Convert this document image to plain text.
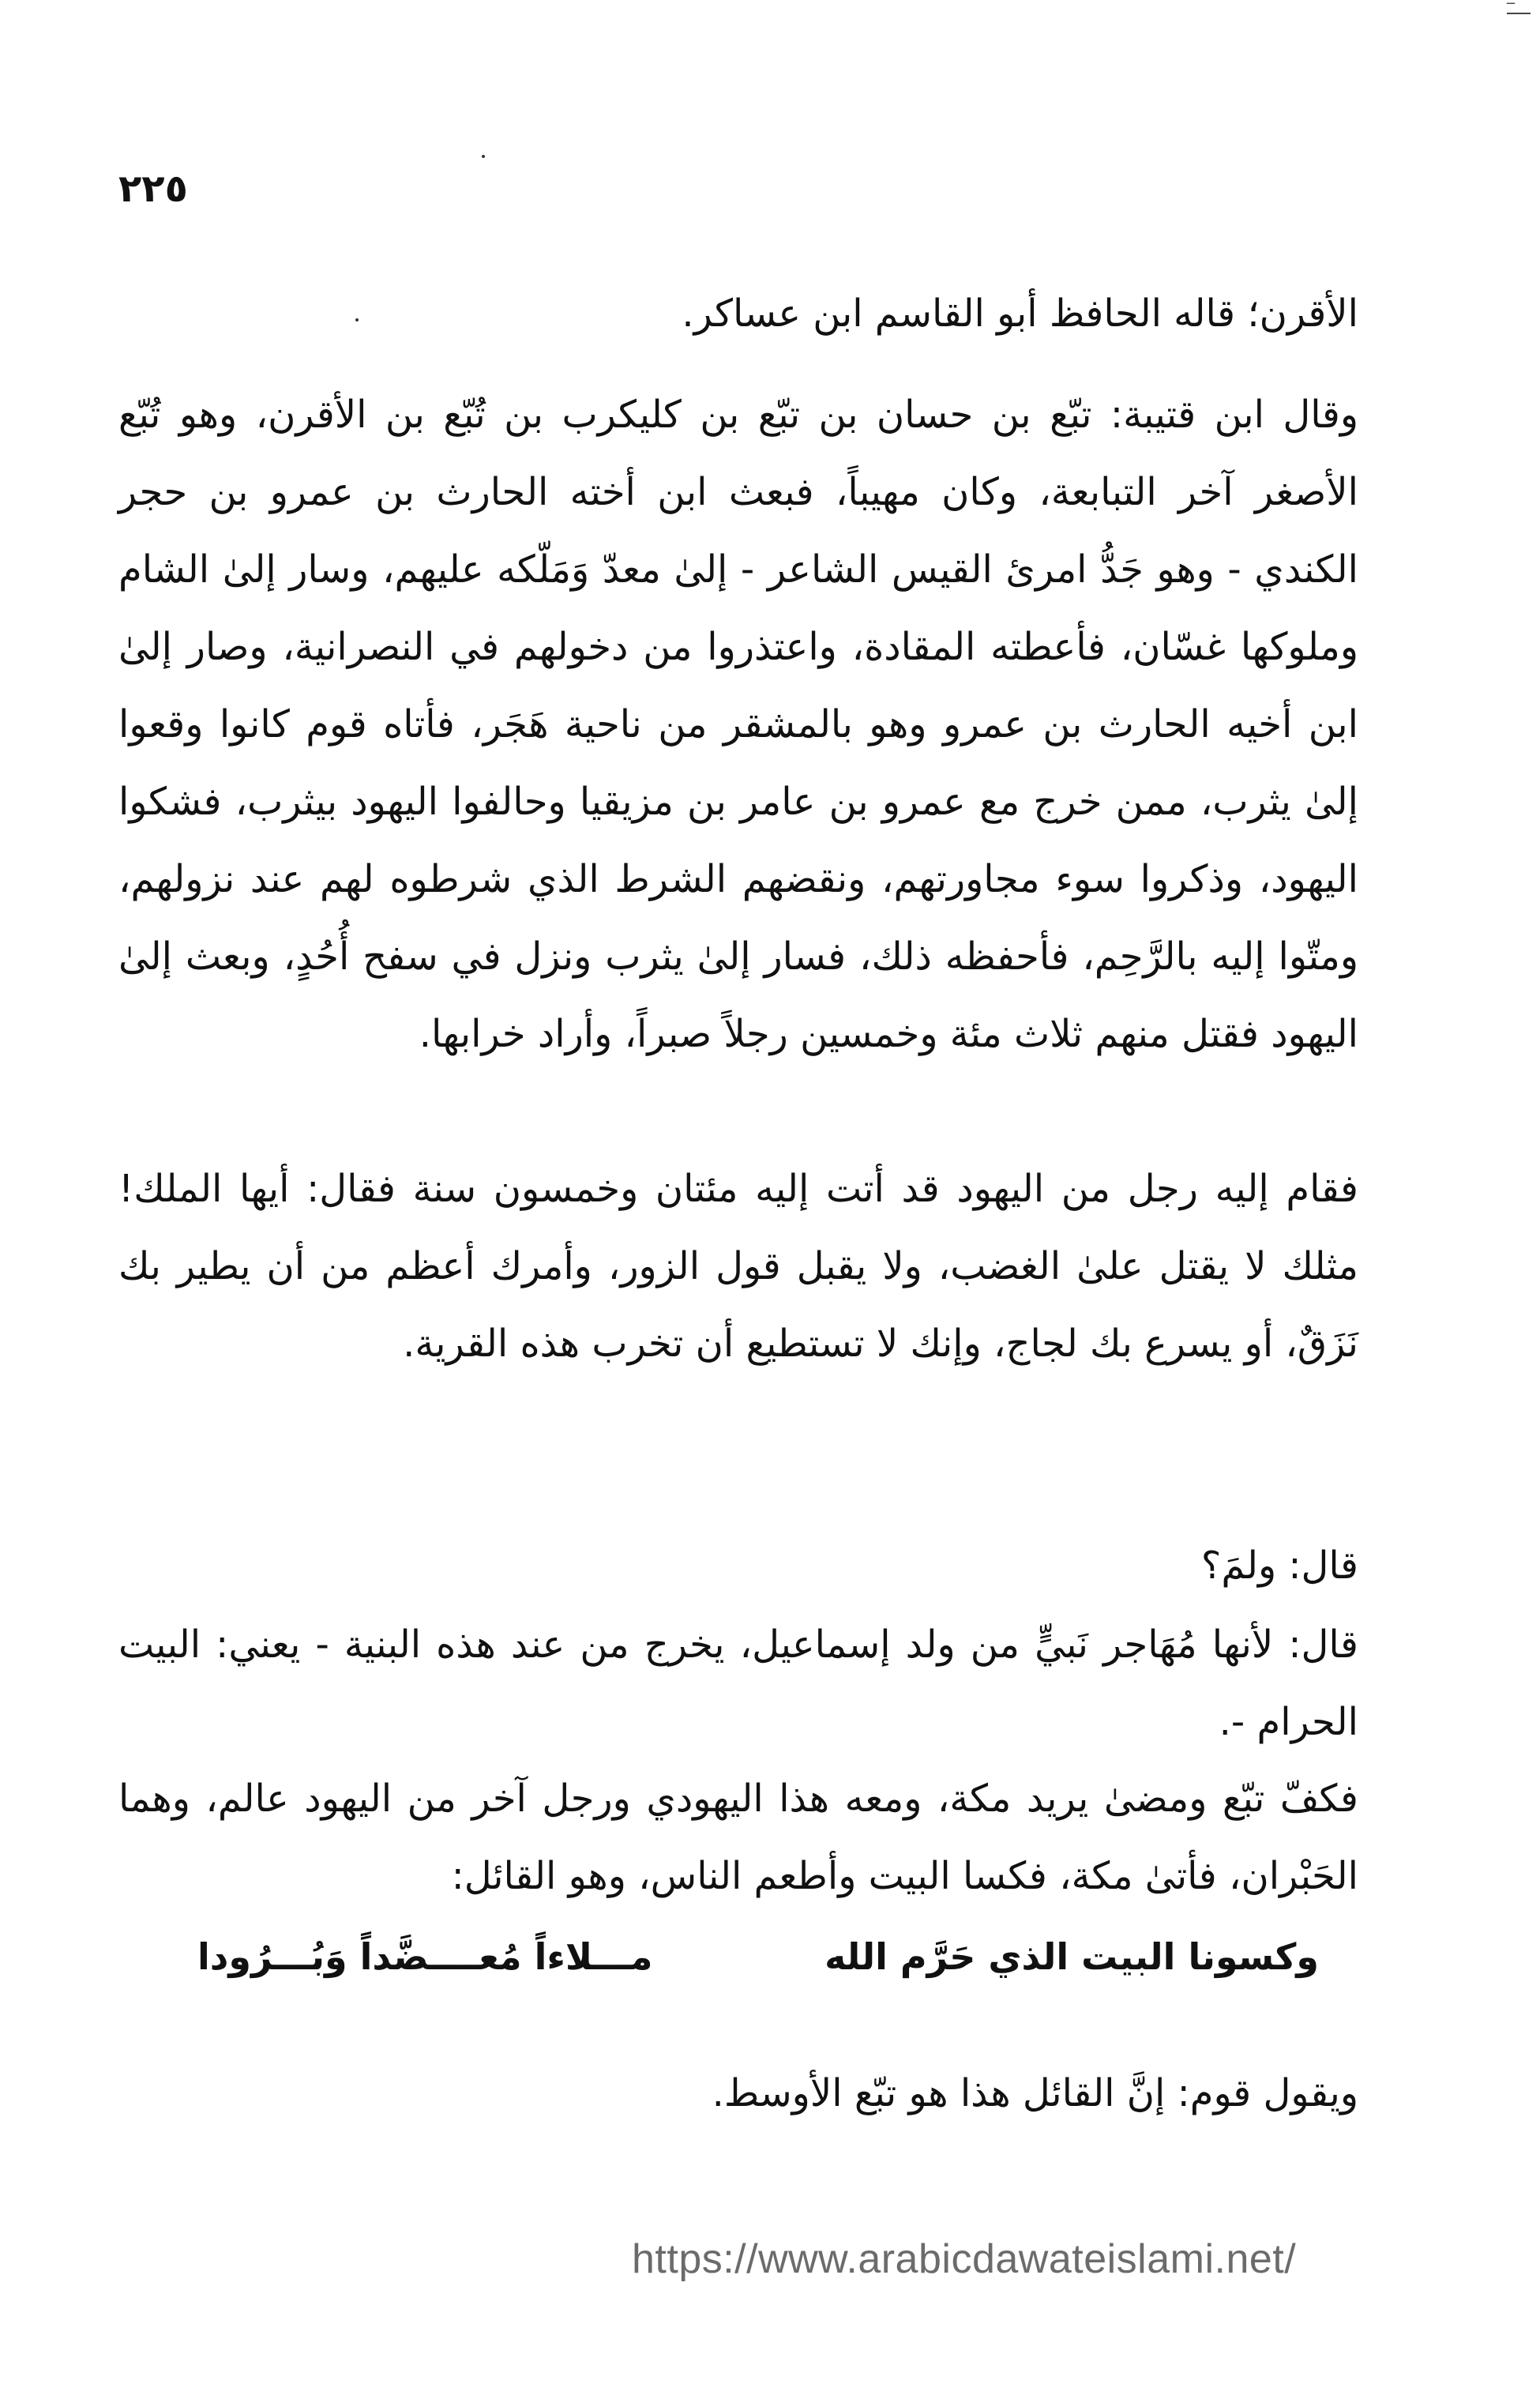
‾
٢٢٥

الأقرن؛ قاله الحافظ أبو القاسم ابن عساكر.

وقال ابن قتيبة: تبّع بن حسان بن تبّع بن كليكرب بن تُبّع بن الأقرن، وهو تُبّع الأصغر آخر التبابعة، وكان مهيباً، فبعث ابن أخته الحارث بن عمرو بن حجر الكندي - وهو جَدُّ امرئ القيس الشاعر - إلىٰ معدّ وَمَلّكه عليهم، وسار إلىٰ الشام وملوكها غسّان، فأعطته المقادة، واعتذروا من دخولهم في النصرانية، وصار إلىٰ ابن أخيه الحارث بن عمرو وهو بالمشقر من ناحية هَجَر، فأتاه قوم كانوا وقعوا إلىٰ يثرب، ممن خرج مع عمرو بن عامر بن مزيقيا وحالفوا اليهود بيثرب، فشكوا اليهود، وذكروا سوء مجاورتهم، ونقضهم الشرط الذي شرطوه لهم عند نزولهم، ومتّوا إليه بالرَّحِم، فأحفظه ذلك، فسار إلىٰ يثرب ونزل في سفح أُحُدٍ، وبعث إلىٰ اليهود فقتل منهم ثلاث مئة وخمسين رجلاً صبراً، وأراد خرابها.

فقام إليه رجل من اليهود قد أتت إليه مئتان وخمسون سنة فقال: أيها الملك! مثلك لا يقتل علىٰ الغضب، ولا يقبل قول الزور، وأمرك أعظم من أن يطير بك نَزَقٌ، أو يسرع بك لجاج، وإنك لا تستطيع أن تخرب هذه القرية.

قال: ولمَ؟

قال: لأنها مُهَاجر نَبيٍّ من ولد إسماعيل، يخرج من عند هذه البنية - يعني: البيت الحرام -.

فكفّ تبّع ومضىٰ يريد مكة، ومعه هذا اليهودي ورجل آخر من اليهود عالم، وهما الحَبْران، فأتىٰ مكة، فكسا البيت وأطعم الناس، وهو القائل:

وكسونا البيت الذي حَرَّم الله
مـــلاءاً مُعــــضَّداً وَبُـــرُودا

ويقول قوم: إنَّ القائل هذا هو تبّع الأوسط.

https://www.arabicdawateislami.net/
